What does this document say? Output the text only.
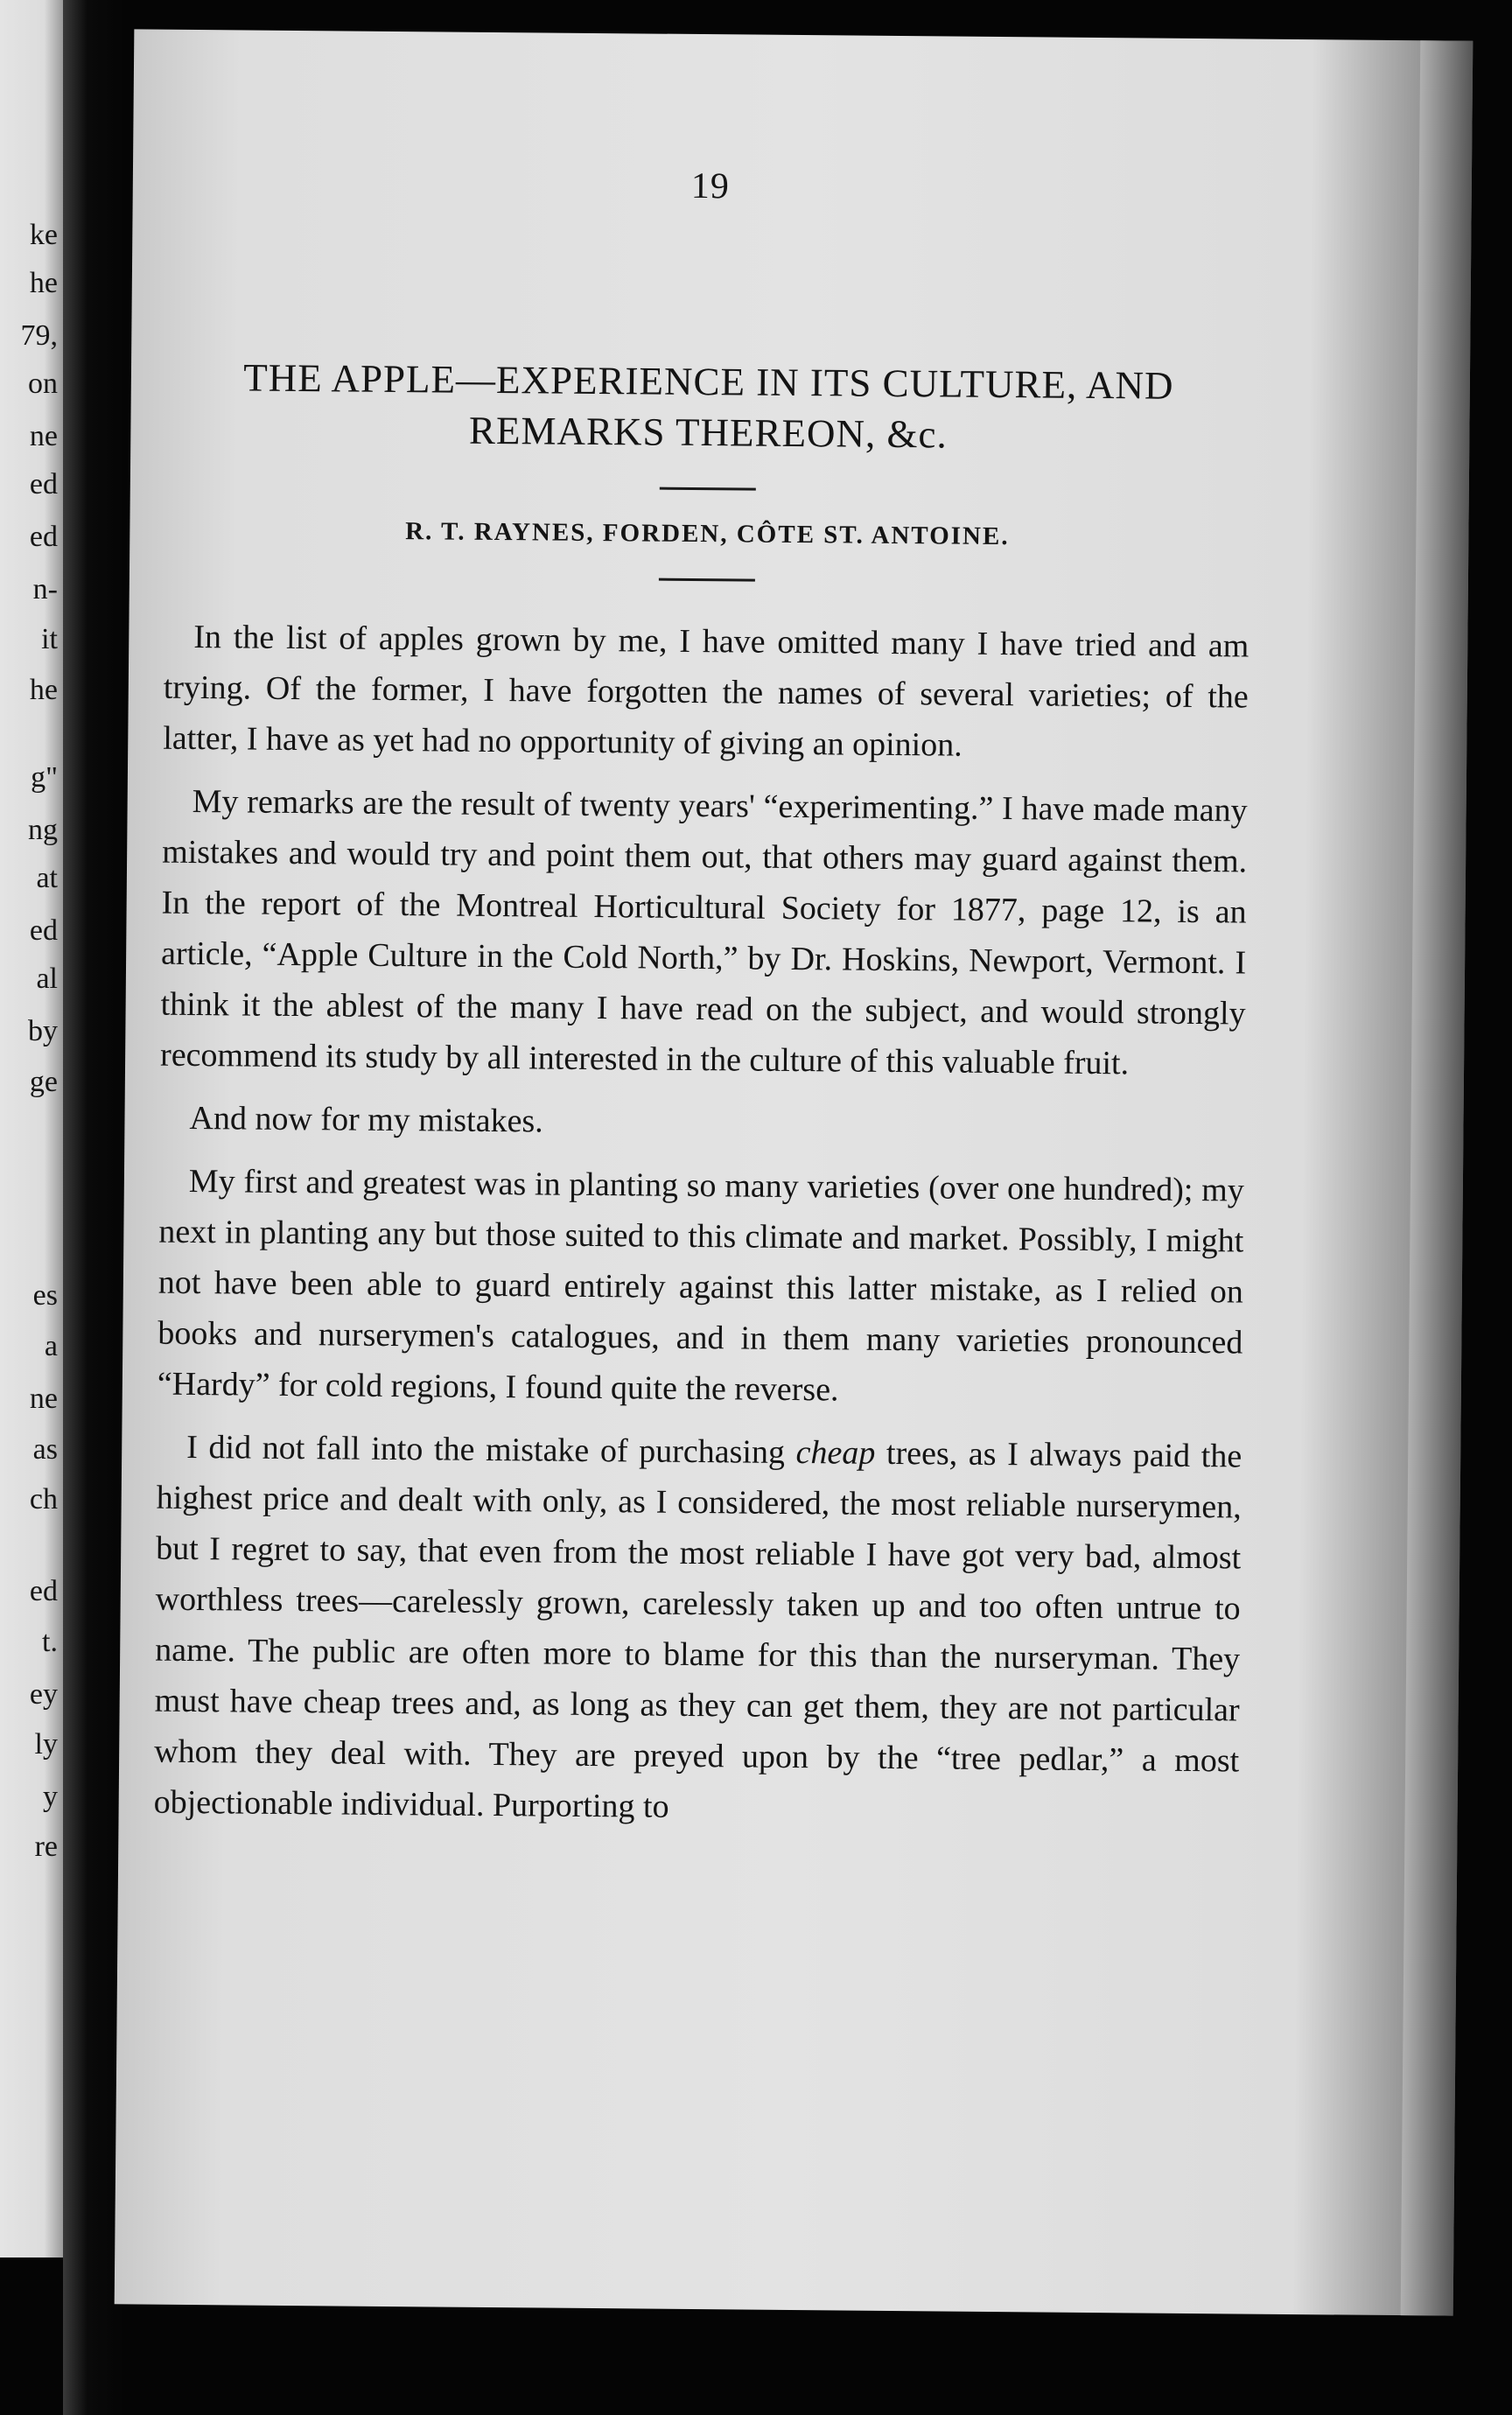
ke
he
79,
on
ne
ed
ed
n-
it
he
g"
ng
at
ed
al
by
ge
es
a
ne
as
ch
ed
t.
ey
ly
y
re
19
THE APPLE—EXPERIENCE IN ITS CULTURE, AND
REMARKS THEREON, &c.

R. T. RAYNES, FORDEN, CÔTE ST. ANTOINE.

In the list of apples grown by me, I have omitted many I have tried and am trying. Of the former, I have forgotten the names of several varieties; of the latter, I have as yet had no opportunity of giving an opinion.

My remarks are the result of twenty years' “experimenting.” I have made many mistakes and would try and point them out, that others may guard against them. In the report of the Montreal Horticultural Society for 1877, page 12, is an article, “Apple Culture in the Cold North,” by Dr. Hoskins, Newport, Vermont. I think it the ablest of the many I have read on the subject, and would strongly recommend its study by all interested in the culture of this valuable fruit.

And now for my mistakes.

My first and greatest was in planting so many varieties (over one hundred); my next in planting any but those suited to this climate and market. Possibly, I might not have been able to guard entirely against this latter mistake, as I relied on books and nurserymen's catalogues, and in them many varieties pronounced “Hardy” for cold regions, I found quite the reverse.

I did not fall into the mistake of purchasing cheap trees, as I always paid the highest price and dealt with only, as I considered, the most reliable nurserymen, but I regret to say, that even from the most reliable I have got very bad, almost worthless trees—carelessly grown, carelessly taken up and too often untrue to name. The public are often more to blame for this than the nurseryman. They must have cheap trees and, as long as they can get them, they are not particular whom they deal with. They are preyed upon by the “tree pedlar,” a most objectionable individual. Purporting to
